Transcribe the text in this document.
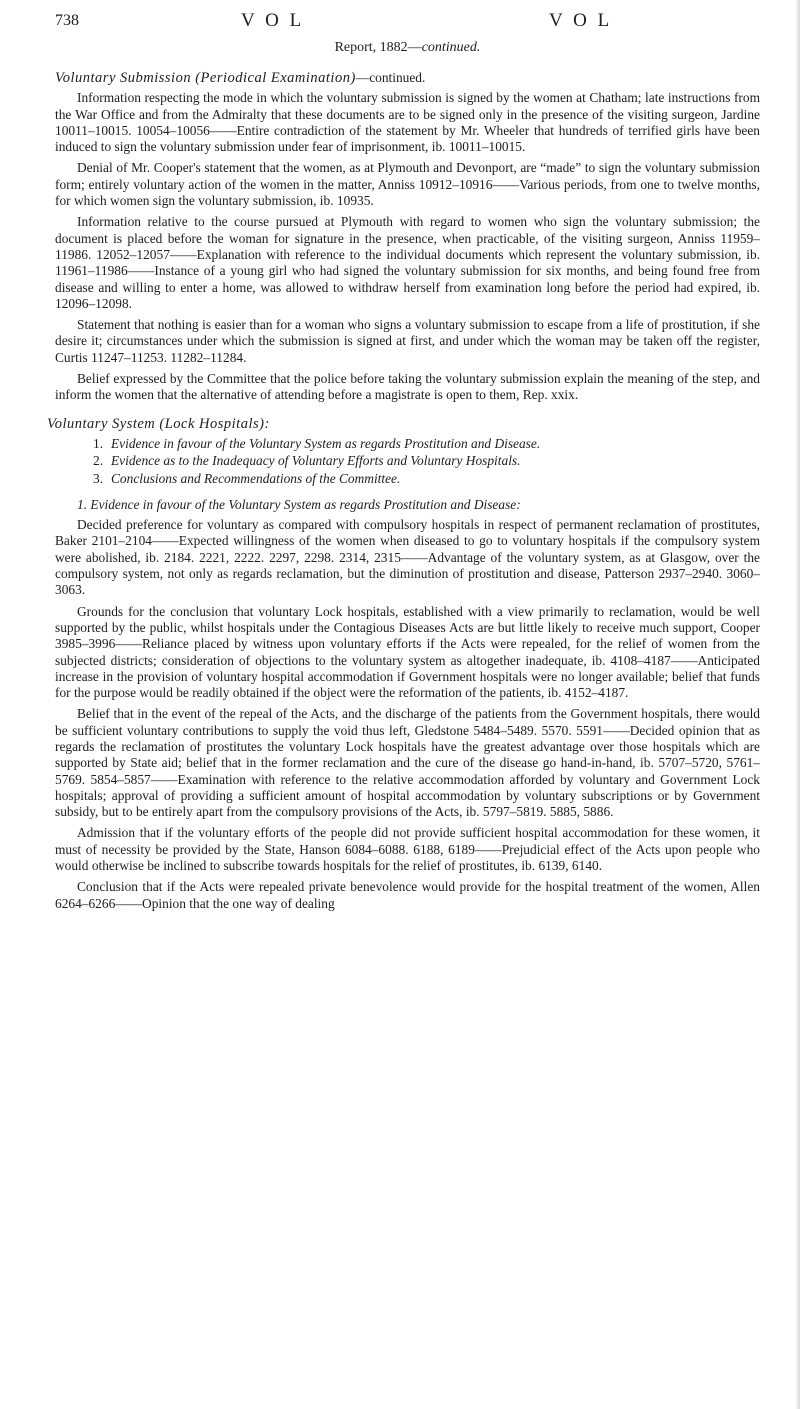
738	V O L	V O L
Report, 1882—continued.

Voluntary Submission (Periodical Examination)—continued.

Information respecting the mode in which the voluntary submission is signed by the women at Chatham; late instructions from the War Office and from the Admiralty that these documents are to be signed only in the presence of the visiting surgeon, Jardine 10011–10015. 10054–10056——Entire contradiction of the statement by Mr. Wheeler that hundreds of terrified girls have been induced to sign the voluntary submission under fear of imprisonment, ib. 10011–10015.

Denial of Mr. Cooper's statement that the women, as at Plymouth and Devonport, are “made” to sign the voluntary submission form; entirely voluntary action of the women in the matter, Anniss 10912–10916——Various periods, from one to twelve months, for which women sign the voluntary submission, ib. 10935.

Information relative to the course pursued at Plymouth with regard to women who sign the voluntary submission; the document is placed before the woman for signature in the presence, when practicable, of the visiting surgeon, Anniss 11959–11986. 12052–12057——Explanation with reference to the individual documents which represent the voluntary submission, ib. 11961–11986——Instance of a young girl who had signed the voluntary submission for six months, and being found free from disease and willing to enter a home, was allowed to withdraw herself from examination long before the period had expired, ib. 12096–12098.

Statement that nothing is easier than for a woman who signs a voluntary submission to escape from a life of prostitution, if she desire it; circumstances under which the submission is signed at first, and under which the woman may be taken off the register, Curtis 11247–11253. 11282–11284.

Belief expressed by the Committee that the police before taking the voluntary submission explain the meaning of the step, and inform the women that the alternative of attending before a magistrate is open to them, Rep. xxix.

Voluntary System (Lock Hospitals):

1. Evidence in favour of the Voluntary System as regards Prostitution and Disease.
2. Evidence as to the Inadequacy of Voluntary Efforts and Voluntary Hospitals.
3. Conclusions and Recommendations of the Committee.
1. Evidence in favour of the Voluntary System as regards Prostitution and Disease:

Decided preference for voluntary as compared with compulsory hospitals in respect of permanent reclamation of prostitutes, Baker 2101–2104——Expected willingness of the women when diseased to go to voluntary hospitals if the compulsory system were abolished, ib. 2184. 2221, 2222. 2297, 2298. 2314, 2315——Advantage of the voluntary system, as at Glasgow, over the compulsory system, not only as regards reclamation, but the diminution of prostitution and disease, Patterson 2937–2940. 3060–3063.

Grounds for the conclusion that voluntary Lock hospitals, established with a view primarily to reclamation, would be well supported by the public, whilst hospitals under the Contagious Diseases Acts are but little likely to receive much support, Cooper 3985–3996——Reliance placed by witness upon voluntary efforts if the Acts were repealed, for the relief of women from the subjected districts; consideration of objections to the voluntary system as altogether inadequate, ib. 4108–4187——Anticipated increase in the provision of voluntary hospital accommodation if Government hospitals were no longer available; belief that funds for the purpose would be readily obtained if the object were the reformation of the patients, ib. 4152–4187.

Belief that in the event of the repeal of the Acts, and the discharge of the patients from the Government hospitals, there would be sufficient voluntary contributions to supply the void thus left, Gledstone 5484–5489. 5570. 5591——Decided opinion that as regards the reclamation of prostitutes the voluntary Lock hospitals have the greatest advantage over those hospitals which are supported by State aid; belief that in the former reclamation and the cure of the disease go hand-in-hand, ib. 5707–5720, 5761–5769. 5854–5857——Examination with reference to the relative accommodation afforded by voluntary and Government Lock hospitals; approval of providing a sufficient amount of hospital accommodation by voluntary subscriptions or by Government subsidy, but to be entirely apart from the compulsory provisions of the Acts, ib. 5797–5819. 5885, 5886.

Admission that if the voluntary efforts of the people did not provide sufficient hospital accommodation for these women, it must of necessity be provided by the State, Hanson 6084–6088. 6188, 6189——Prejudicial effect of the Acts upon people who would otherwise be inclined to subscribe towards hospitals for the relief of prostitutes, ib. 6139, 6140.

Conclusion that if the Acts were repealed private benevolence would provide for the hospital treatment of the women, Allen 6264–6266——Opinion that the one way of dealing
